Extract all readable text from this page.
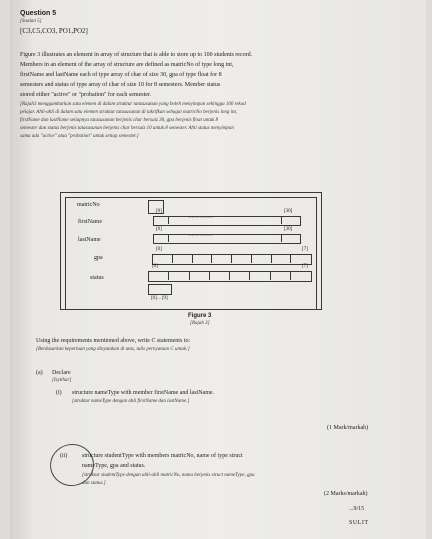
Question 5
[Soalan 5]
[C3,C5,CO3, PO1,PO2]
Figure 3 illustrates an element in array of structure that is able to store up to 100 students record.
Members in an element of the array of structure are defined as matricNo of type long int,
firstName and lastName each of type array of char of size 30, gpa of type float for 8
semesters and status of type array of char of size 10 for 8 semesters. Member status
stored either "active" or "probation" for each semester.
[Rajah3 menggambarkan satu elemen di dalam struktur tatasusunan yang boleh menyimpan sehingga 100 rekod
pelajar. Ahli-ahli di dalam satu elemen struktur tatasusunan di takrifkan sebagai matricNo berjenis long int,
firstName dan lastName setiapnya tatasusunan berjenis char bersaiz 30, gpa berjenis float untuk 8
semester dan status berjenis tatasusunan berjenis char bersaiz 10 untuk 8 semester. Ahli status menyimpan
sama ada "active" atau "probation" untuk setiap semester.]
matricNo
firstName
lastName
gpa
status
[0]	[30]
……………
[0]	[30]
……………
[0]	[7]
[0]	[7]
[0]…[9]
Figure 3
[Rajah 3]
Using the requirements mentioned above, write C statements to:
[Berdasarkan keperluan yang dinyatakan di atas, tulis pernyataan C untuk:]
(a) Declare
[Isytihar]
(i) structure nameType with member firstName and lastName.
[struktur nameType dengan ahli firstName dan lastName.]
(1 Mark/markah)
(ii) structure studentType with members matricNo, name of type struct
nameType, gpa and status.
[struktur studentType dengan ahli-ahli matricNo, nama berjenis struct nameType, gpa
dan status.]
(2 Marks/markah)
...9/15
SULIT
